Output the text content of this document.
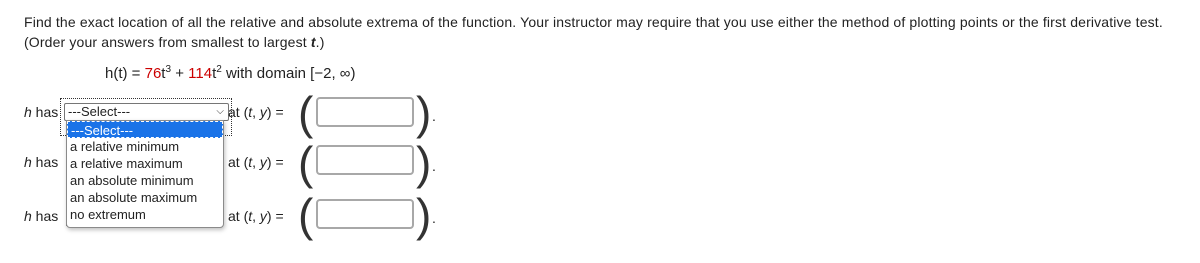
Find the exact location of all the relative and absolute extrema of the function. Your instructor may require that you use either the method of plotting points or the first derivative test. (Order your answers from smallest to largest t.)
$h(t) = 76t^3 + 114t^2$ with domain [−2, ∞)
h has ---Select---	⌵ at (t, y) = ( ) .
h has	at (t, y) = ( ) .
h has	at (t, y) = ( ) .
---Select---
a relative minimum
a relative maximum
an absolute minimum
an absolute maximum
no extremum
